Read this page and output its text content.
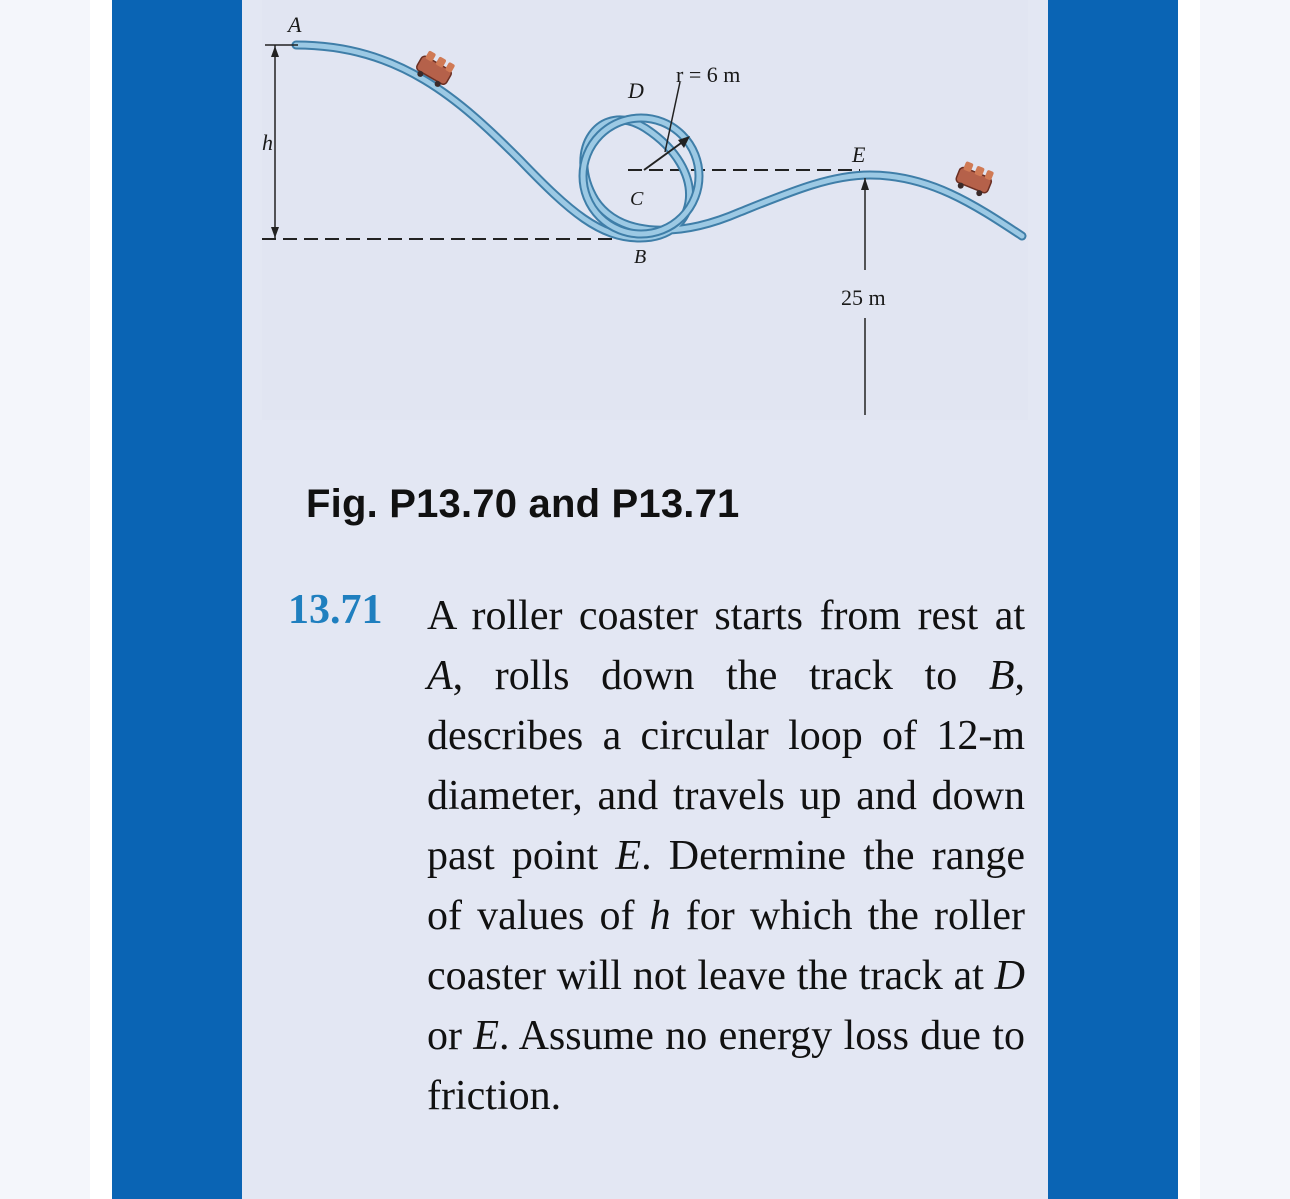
A
h
D
r = 6 m
C
B
E
25 m
Fig. P13.70 and P13.71
13.71 A roller coaster starts from rest at A, rolls down the track to B, describes a circular loop of 12-m diameter, and travels up and down past point E. Determine the range of values of h for which the roller coaster will not leave the track at D or E. Assume no energy loss due to friction.
